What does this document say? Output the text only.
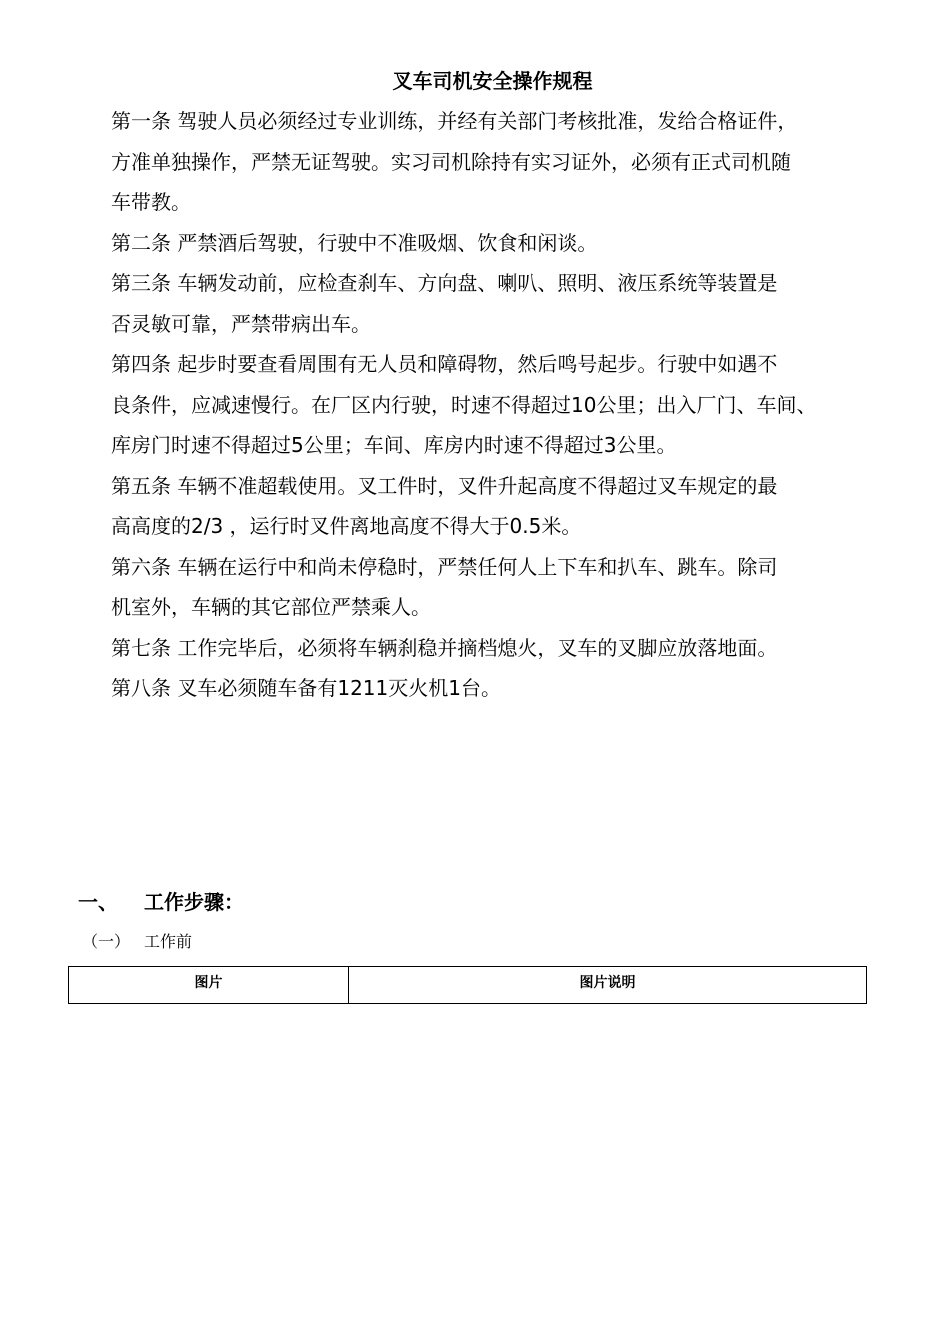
叉车司机安全操作规程
第一条 驾驶人员必须经过专业训练，并经有关部门考核批准，发给合格证件，
方准单独操作，严禁无证驾驶。实习司机除持有实习证外，必须有正式司机随
车带教。
第二条 严禁酒后驾驶，行驶中不准吸烟、饮食和闲谈。
第三条 车辆发动前，应检查刹车、方向盘、喇叭、照明、液压系统等装置是
否灵敏可靠，严禁带病出车。
第四条 起步时要查看周围有无人员和障碍物，然后鸣号起步。行驶中如遇不
良条件，应减速慢行。在厂区内行驶，时速不得超过10公里；出入厂门、车间、
库房门时速不得超过5公里；车间、库房内时速不得超过3公里。
第五条 车辆不准超载使用。叉工件时，叉件升起高度不得超过叉车规定的最
高高度的2/3 ，运行时叉件离地高度不得大于0.5米。
第六条 车辆在运行中和尚未停稳时，严禁任何人上下车和扒车、跳车。除司
机室外，车辆的其它部位严禁乘人。
第七条 工作完毕后，必须将车辆刹稳并摘档熄火，叉车的叉脚应放落地面。
第八条 叉车必须随车备有1211灭火机1台。
一、 工作步骤：
（一） 工作前
图片	图片说明
